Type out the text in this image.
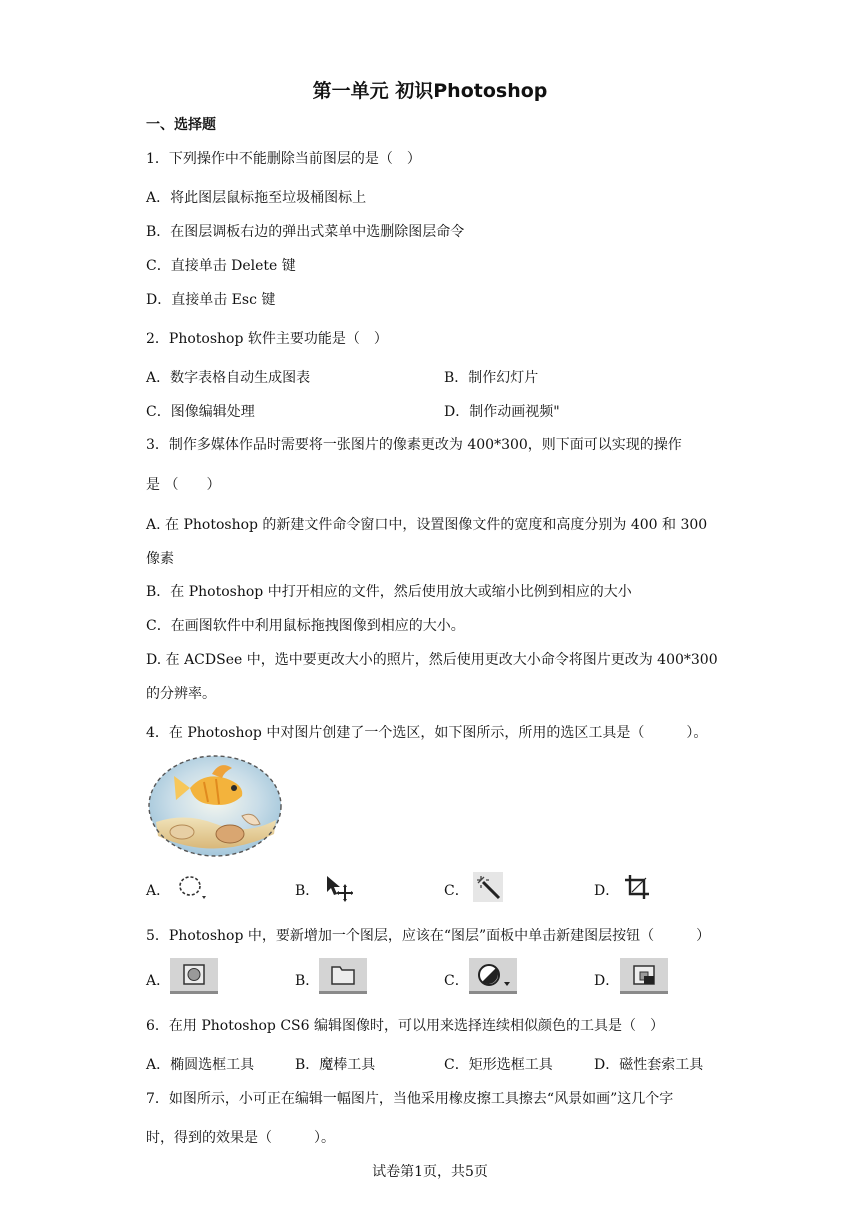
第一单元 初识Photoshop
一、选择题
1．下列操作中不能删除当前图层的是（　）
A．将此图层鼠标拖至垃圾桶图标上
B．在图层调板右边的弹出式菜单中选删除图层命令
C．直接单击 Delete 键
D．直接单击 Esc 键
2．Photoshop 软件主要功能是（　）
A．数字表格自动生成图表	B．制作幻灯片
C．图像编辑处理	D．制作动画视频"
3．制作多媒体作品时需要将一张图片的像素更改为 400*300，则下面可以实现的操作
是 （　　）
A. 在 Photoshop 的新建文件命令窗口中，设置图像文件的宽度和高度分别为 400 和 300
像素
B．在 Photoshop 中打开相应的文件，然后使用放大或缩小比例到相应的大小
C．在画图软件中利用鼠标拖拽图像到相应的大小。
D. 在 ACDSee 中，选中要更改大小的照片，然后使用更改大小命令将图片更改为 400*300
的分辨率。
4．在 Photoshop 中对图片创建了一个选区，如下图所示，所用的选区工具是（　　　）。
A．	B．	C．	D．
5．Photoshop 中，要新增加一个图层，应该在“图层”面板中单击新建图层按钮（　　　）
A．	B．	C．	D．
6．在用 Photoshop CS6 编辑图像时，可以用来选择连续相似颜色的工具是（　）
A．椭圆选框工具	B．魔棒工具	C．矩形选框工具	D．磁性套索工具
7．如图所示，小可正在编辑一幅图片，当他采用橡皮擦工具擦去“风景如画”这几个字
时，得到的效果是（　　　）。
试卷第1页，共5页
